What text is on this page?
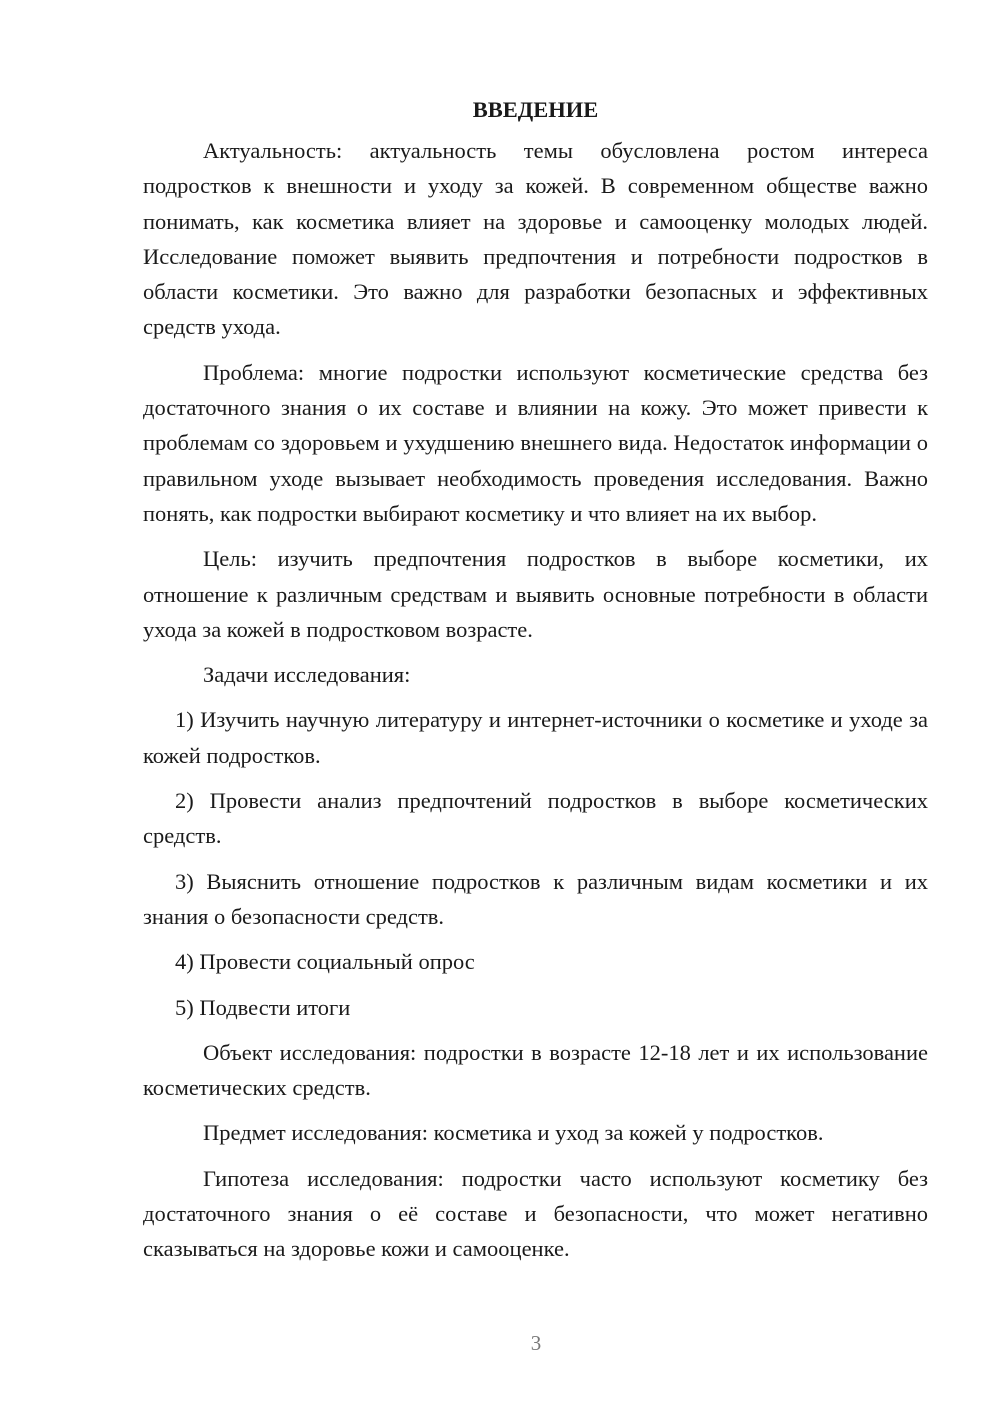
ВВЕДЕНИЕ

Актуальность: актуальность темы обусловлена ростом интереса подростков к внешности и уходу за кожей. В современном обществе важно понимать, как косметика влияет на здоровье и самооценку молодых людей. Исследование поможет выявить предпочтения и потребности подростков в области косметики. Это важно для разработки безопасных и эффективных средств ухода.

Проблема: многие подростки используют косметические средства без достаточного знания о их составе и влиянии на кожу. Это может привести к проблемам со здоровьем и ухудшению внешнего вида. Недостаток информации о правильном уходе вызывает необходимость проведения исследования. Важно понять, как подростки выбирают косметику и что влияет на их выбор.

Цель: изучить предпочтения подростков в выборе косметики, их отношение к различным средствам и выявить основные потребности в области ухода за кожей в подростковом возрасте.

Задачи исследования:

1) Изучить научную литературу и интернет-источники о косметике и уходе за кожей подростков.

2) Провести анализ предпочтений подростков в выборе косметических средств.

3) Выяснить отношение подростков к различным видам косметики и их знания о безопасности средств.

4) Провести социальный опрос

5) Подвести итоги

Объект исследования: подростки в возрасте 12-18 лет и их использование косметических средств.

Предмет исследования: косметика и уход за кожей у подростков.

Гипотеза исследования: подростки часто используют косметику без достаточного знания о её составе и безопасности, что может негативно сказываться на здоровье кожи и самооценке.

3
